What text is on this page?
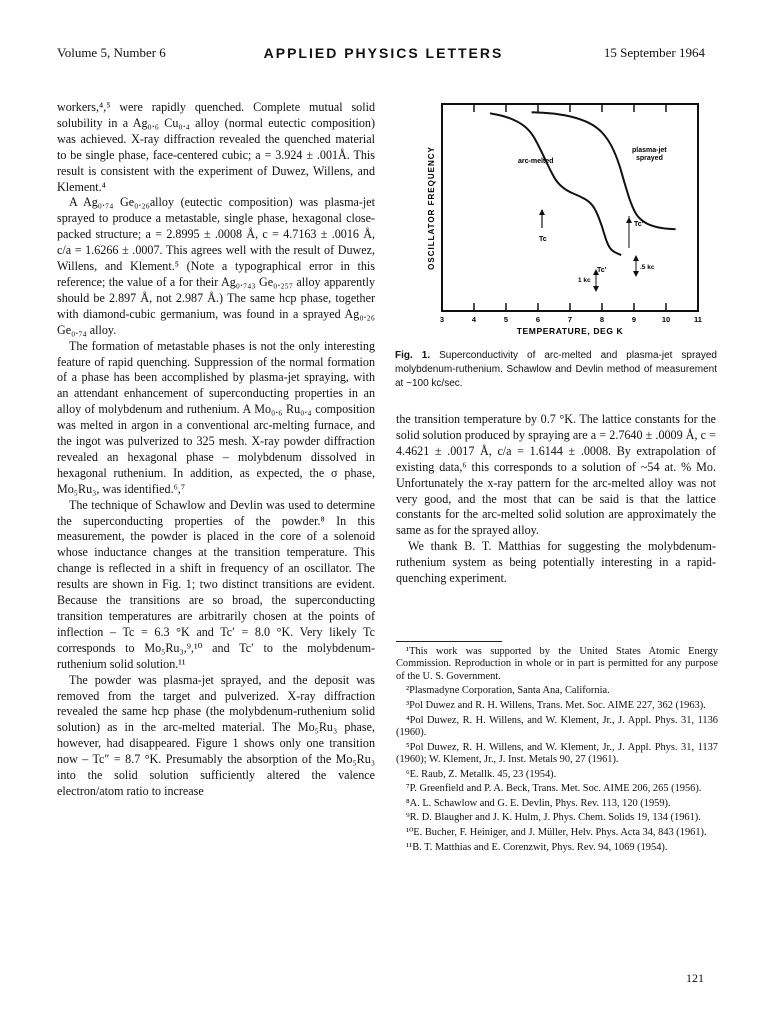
Volume 5, Number 6	APPLIED PHYSICS LETTERS	15 September 1964

workers,⁴,⁵ were rapidly quenched. Complete mutual solid solubility in a Ag₀.₆ Cu₀.₄ alloy (normal eutectic composition) was achieved. X-ray diffraction revealed the quenched material to be single phase, face-centered cubic; a = 3.924 ± .001Å. This result is consistent with the experiment of Duwez, Willens, and Klement.⁴

A Ag₀.₇₄ Ge₀.₂₆alloy (eutectic composition) was plasma-jet sprayed to produce a metastable, single phase, hexagonal close-packed structure; a = 2.8995 ± .0008 Å, c = 4.7163 ± .0016 Å, c/a = 1.6266 ± .0007. This agrees well with the result of Duwez, Willens, and Klement.⁵ (Note a typographical error in this reference; the value of a for their Ag₀.₇₄₃ Ge₀.₂₅₇ alloy apparently should be 2.897 Å, not 2.987 Å.) The same hcp phase, together with diamond-cubic germanium, was found in a sprayed Ag₀.₂₆ Ge₀.₇₄ alloy.

The formation of metastable phases is not the only interesting feature of rapid quenching. Suppression of the normal formation of a phase has been accomplished by plasma-jet spraying, with an attendant enhancement of superconducting properties in an alloy of molybdenum and ruthenium. A Mo₀.₆ Ru₀.₄ composition was melted in argon in a conventional arc-melting furnace, and the ingot was pulverized to 325 mesh. X-ray powder diffraction revealed an hexagonal phase – molybdenum dissolved in hexagonal ruthenium. In addition, as expected, the σ phase, Mo₅Ru₃, was identified.⁶,⁷

The technique of Schawlow and Devlin was used to determine the superconducting properties of the powder.⁸ In this measurement, the powder is placed in the core of a solenoid whose inductance changes at the transition temperature. This change is reflected in a shift in frequency of an oscillator. The results are shown in Fig. 1; two distinct transitions are evident. Because the transitions are so broad, the superconducting transition temperatures are arbitrarily chosen at the points of inflection – Tc = 6.3 °K and Tc′ = 8.0 °K. Very likely Tc corresponds to Mo₅Ru₃,⁹,¹⁰ and Tc′ to the molybdenum-ruthenium solid solution.¹¹

The powder was plasma-jet sprayed, and the deposit was removed from the target and pulverized. X-ray diffraction revealed the same hcp phase (the molybdenum-ruthenium solid solution) as in the arc-melted material. The Mo₅Ru₃ phase, however, had disappeared. Figure 1 shows only one transition now – Tc″ = 8.7 °K. Presumably the absorption of the Mo₅Ru₃ into the solid solution sufficiently altered the valence electron/atom ratio to increase

3	4	5	6	7	8	9	10	11
TEMPERATURE, DEG K
OSCILLATOR FREQUENCY	arc-melted
plasma-jet
sprayed
Tc
Tc″
Tc′
1 kc
.5 kc
Fig. 1. Superconductivity of arc-melted and plasma-jet sprayed molybdenum-ruthenium. Schawlow and Devlin method of measurement at ~100 kc/sec.

the transition temperature by 0.7 °K. The lattice constants for the solid solution produced by spraying are a = 2.7640 ± .0009 Å, c = 4.4621 ± .0017 Å, c/a = 1.6144 ± .0008. By extrapolation of existing data,⁶ this corresponds to a solution of ~54 at. % Mo. Unfortunately the x-ray pattern for the arc-melted alloy was not very good, and the most that can be said is that the lattice constants for the arc-melted solid solution are approximately the same as for the sprayed alloy.

We thank B. T. Matthias for suggesting the molybdenum-ruthenium system as being potentially interesting in a rapid-quenching experiment.

¹This work was supported by the United States Atomic Energy Commission. Reproduction in whole or in part is permitted for any purpose of the U. S. Government.

²Plasmadyne Corporation, Santa Ana, California.

³Pol Duwez and R. H. Willens, Trans. Met. Soc. AIME 227, 362 (1963).

⁴Pol Duwez, R. H. Willens, and W. Klement, Jr., J. Appl. Phys. 31, 1136 (1960).

⁵Pol Duwez, R. H. Willens, and W. Klement, Jr., J. Appl. Phys. 31, 1137 (1960); W. Klement, Jr., J. Inst. Metals 90, 27 (1961).

⁶E. Raub, Z. Metallk. 45, 23 (1954).

⁷P. Greenfield and P. A. Beck, Trans. Met. Soc. AIME 206, 265 (1956).

⁸A. L. Schawlow and G. E. Devlin, Phys. Rev. 113, 120 (1959).

⁹R. D. Blaugher and J. K. Hulm, J. Phys. Chem. Solids 19, 134 (1961).

¹⁰E. Bucher, F. Heiniger, and J. Müller, Helv. Phys. Acta 34, 843 (1961).

¹¹B. T. Matthias and E. Corenzwit, Phys. Rev. 94, 1069 (1954).

121
